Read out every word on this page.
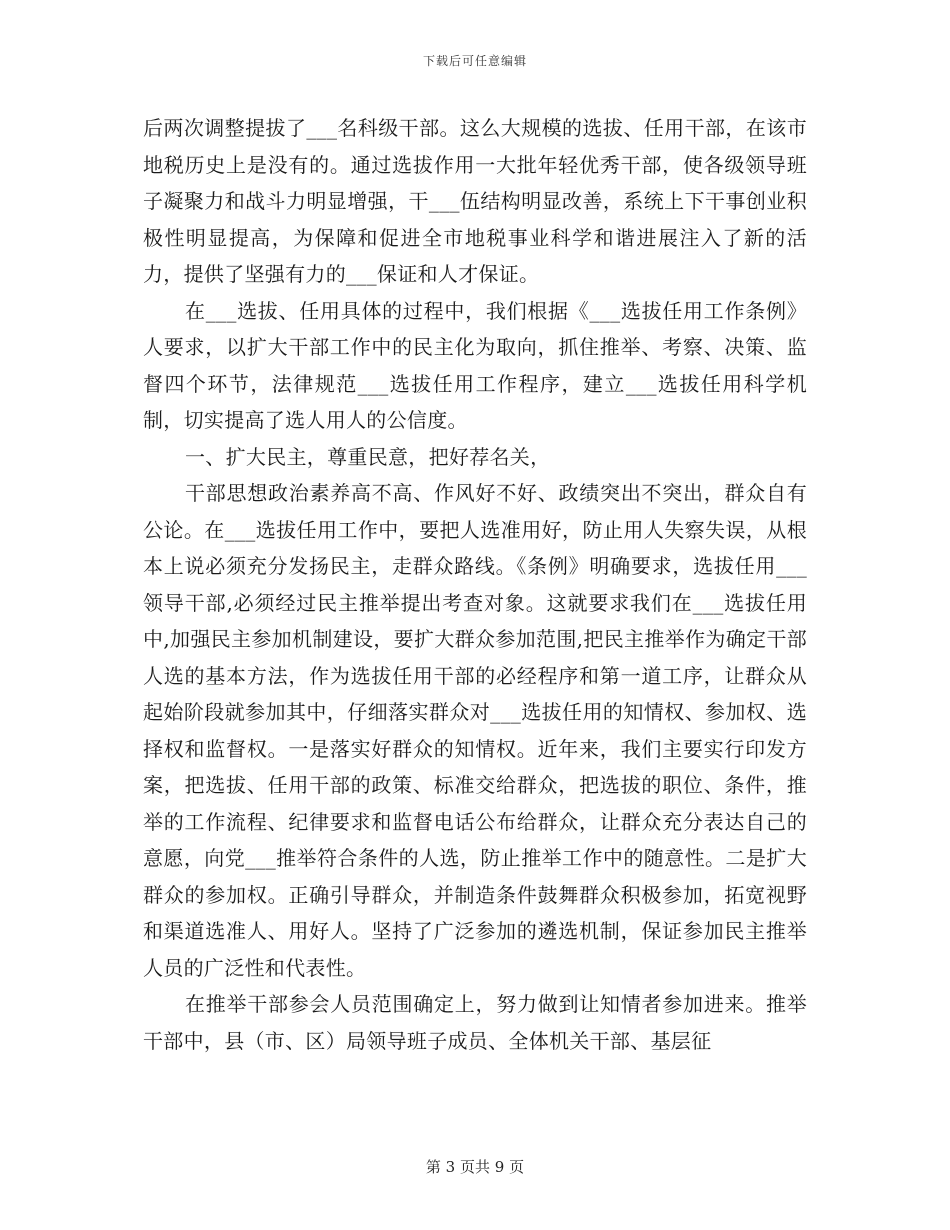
下载后可任意编辑

后两次调整提拔了___名科级干部。这么大规模的选拔、任用干部，在该市地税历史上是没有的。通过选拔作用一大批年轻优秀干部，使各级领导班子凝聚力和战斗力明显增强，干___伍结构明显改善，系统上下干事创业积极性明显提高，为保障和促进全市地税事业科学和谐进展注入了新的活力，提供了坚强有力的___保证和人才保证。

在___选拔、任用具体的过程中，我们根据《___选拔任用工作条例》人要求，以扩大干部工作中的民主化为取向，抓住推举、考察、决策、监督四个环节，法律规范___选拔任用工作程序，建立___选拔任用科学机制，切实提高了选人用人的公信度。

一、扩大民主，尊重民意，把好荐名关，

干部思想政治素养高不高、作风好不好、政绩突出不突出，群众自有公论。在___选拔任用工作中，要把人选准用好，防止用人失察失误，从根本上说必须充分发扬民主，走群众路线。《条例》明确要求，选拔任用___领导干部,必须经过民主推举提出考查对象。这就要求我们在___选拔任用中,加强民主参加机制建设，要扩大群众参加范围,把民主推举作为确定干部人选的基本方法，作为选拔任用干部的必经程序和第一道工序，让群众从起始阶段就参加其中，仔细落实群众对___选拔任用的知情权、参加权、选择权和监督权。一是落实好群众的知情权。近年来，我们主要实行印发方案，把选拔、任用干部的政策、标准交给群众，把选拔的职位、条件，推举的工作流程、纪律要求和监督电话公布给群众，让群众充分表达自己的意愿，向党___推举符合条件的人选，防止推举工作中的随意性。二是扩大群众的参加权。正确引导群众，并制造条件鼓舞群众积极参加，拓宽视野和渠道选准人、用好人。坚持了广泛参加的遴选机制，保证参加民主推举人员的广泛性和代表性。

在推举干部参会人员范围确定上，努力做到让知情者参加进来。推举干部中，县（市、区）局领导班子成员、全体机关干部、基层征

第 3 页共 9 页
